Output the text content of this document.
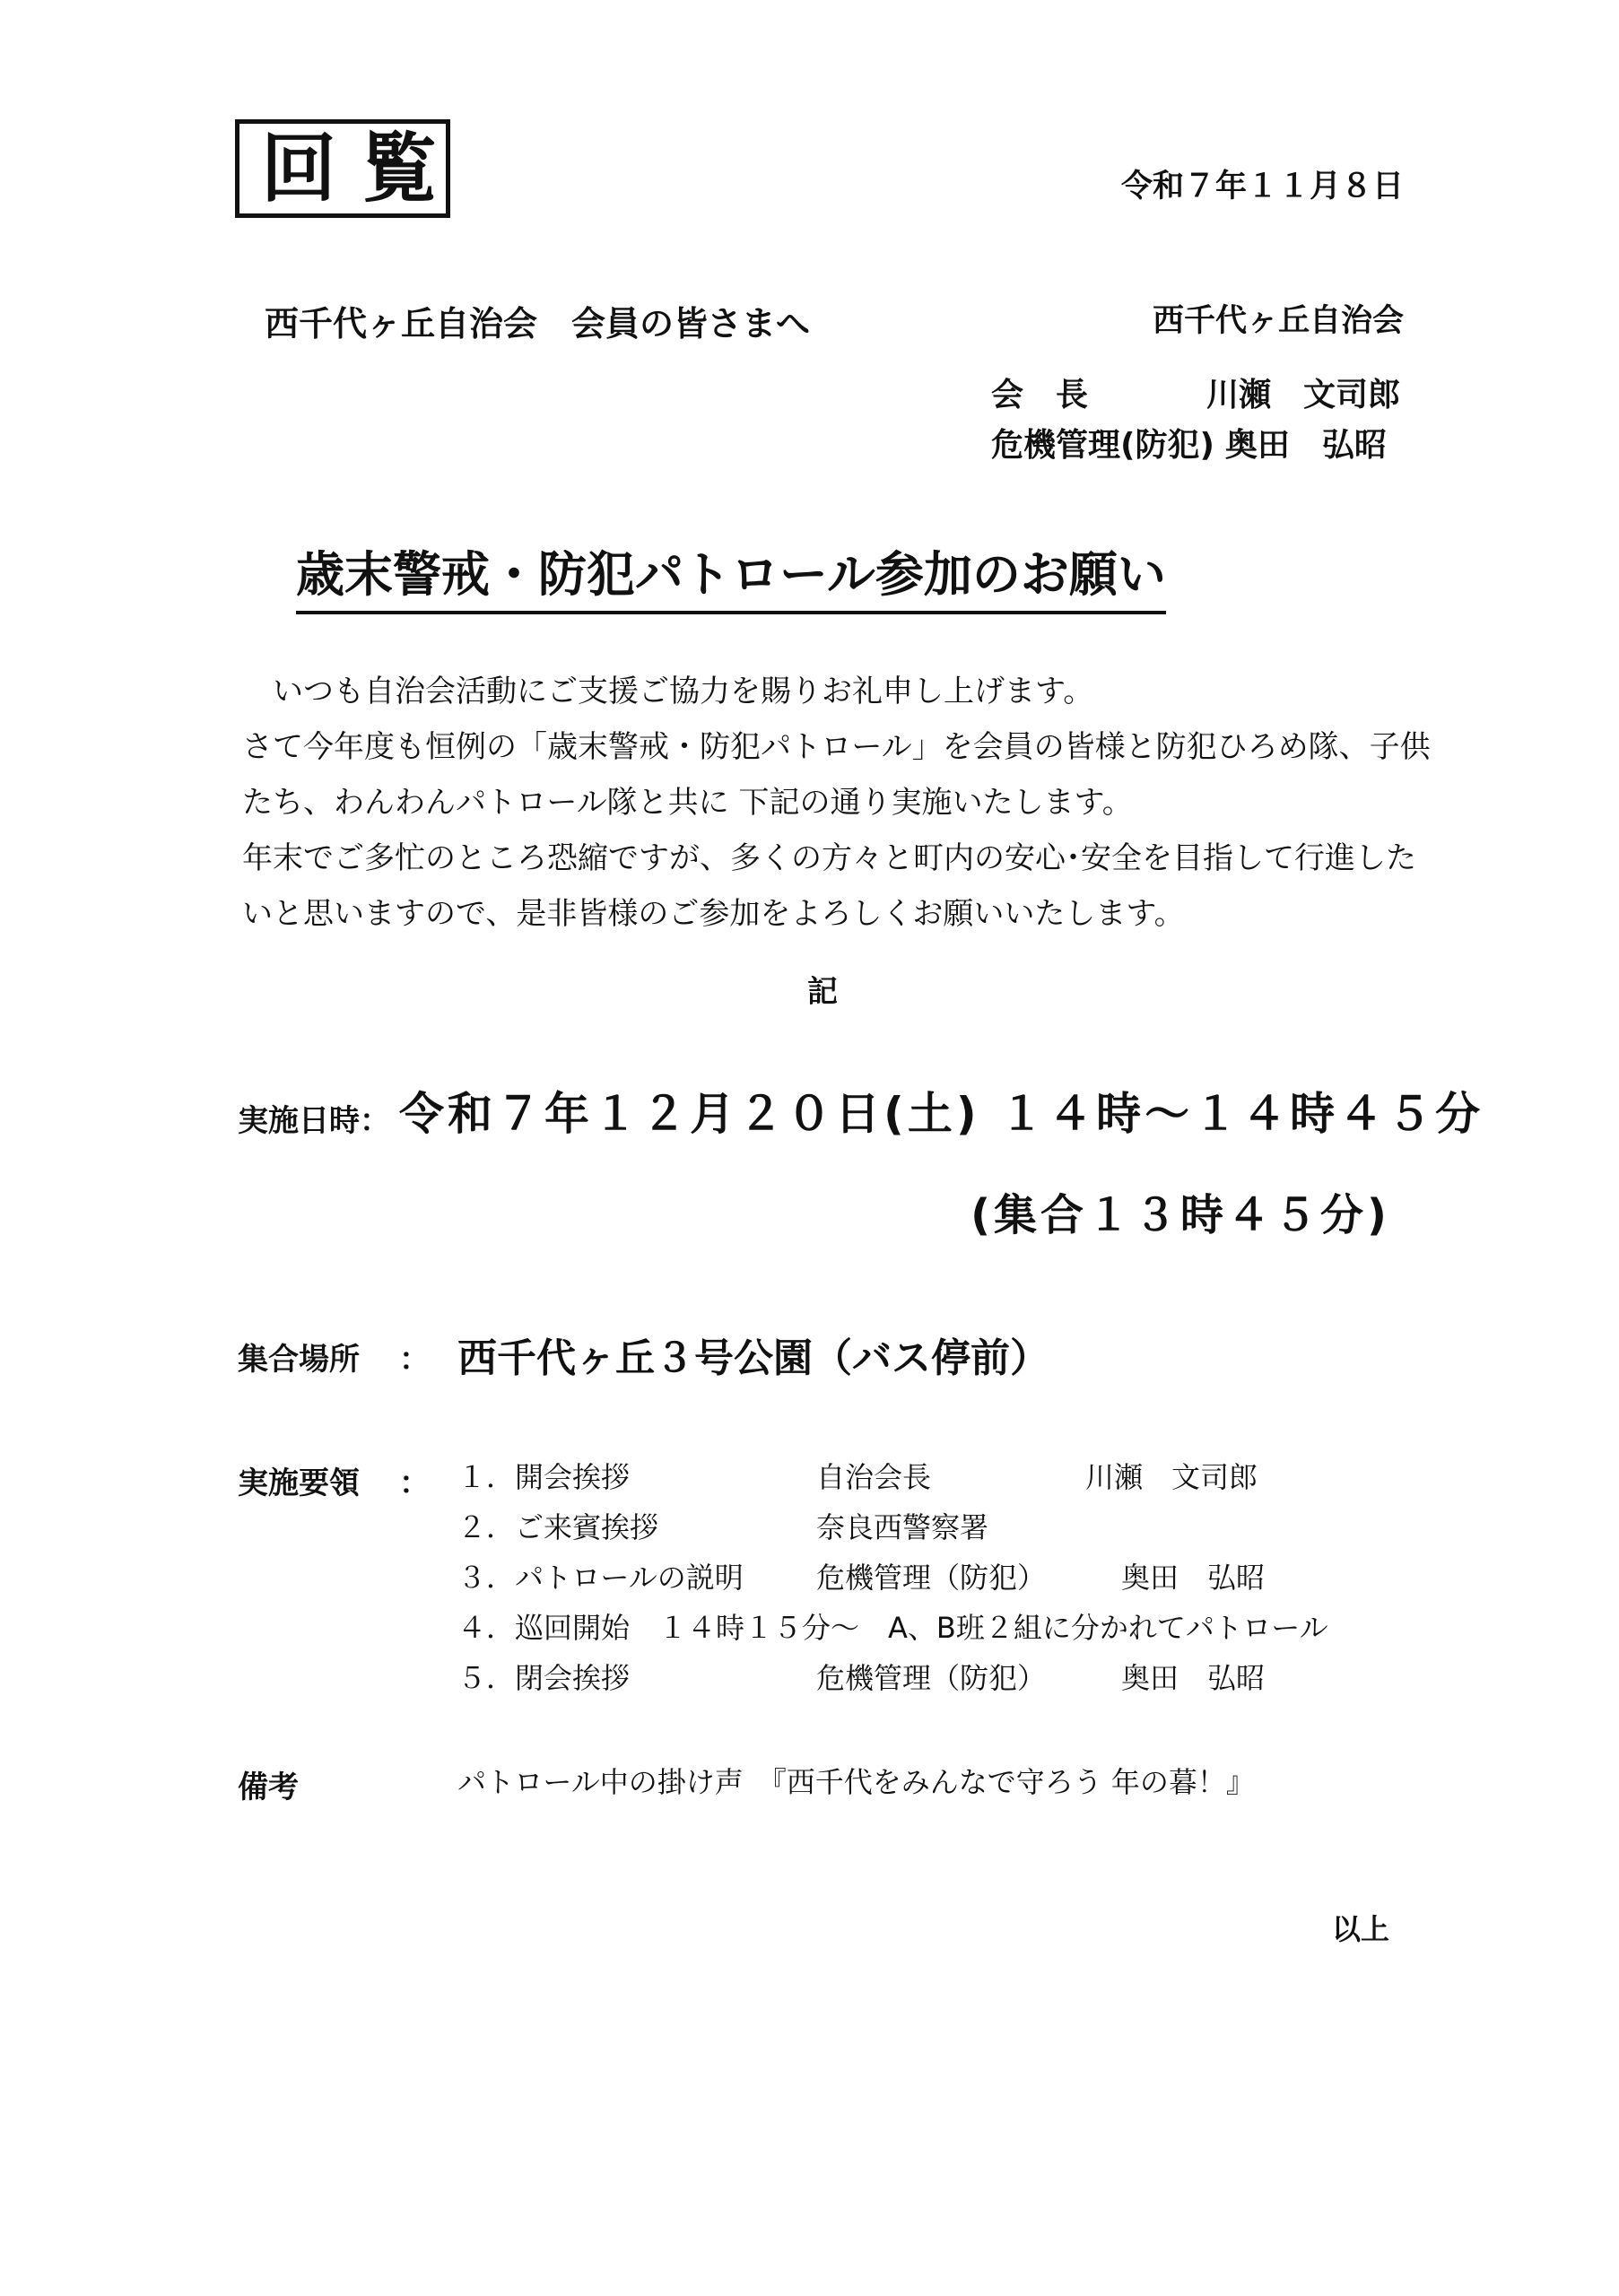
回覧	令和７年１１月８日
西千代ヶ丘自治会　会員の皆さまへ	西千代ヶ丘自治会
会長	川瀬　文司郎
危機管理(防犯) 奥田　弘昭
歳末警戒・防犯パトロール参加のお願い
いつも自治会活動にご支援ご協力を賜りお礼申し上げます。
さて今年度も恒例の「歳末警戒・防犯パトロール」を会員の皆様と防犯ひろめ隊、子供
たち、わんわんパトロール隊と共に 下記の通り実施いたします。
年末でご多忙のところ恐縮ですが、多くの方々と町内の安心･安全を目指して行進した
いと思いますので、是非皆様のご参加をよろしくお願いいたします。
記
実施日時： 令和７年１２月２０日(土) １４時～１４時４５分
(集合１３時４５分)
集合場所 ： 西千代ヶ丘３号公園（バス停前）
実施要領 ： １．開会挨拶	自治会長	川瀬　文司郎
２．ご来賓挨拶	奈良西警察署
３．パトロールの説明	危機管理（防犯）	奥田　弘昭
４．巡回開始　１４時１５分～　A、B班２組に分かれてパトロール
５．閉会挨拶	危機管理（防犯）	奥田　弘昭
備考	パトロール中の掛け声　『西千代をみんなで守ろう 年の暮！』
以上
